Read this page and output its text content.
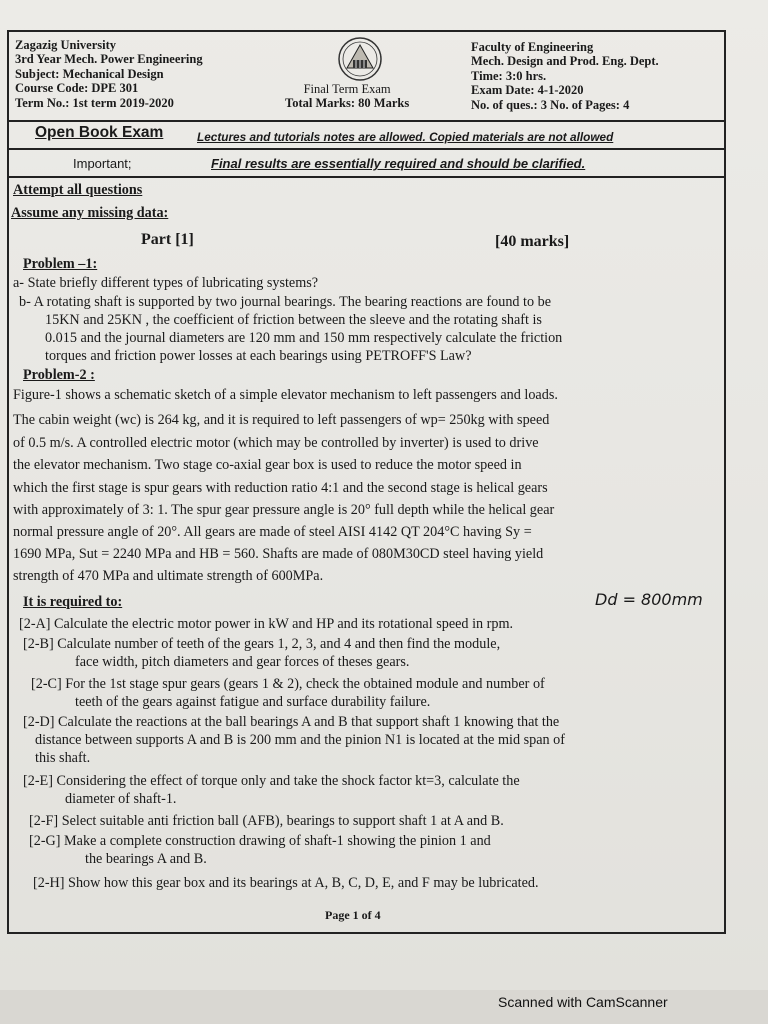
Zagazig University
3rd Year Mech. Power Engineering
Subject: Mechanical Design
Course Code: DPE 301
Term No.: 1st term 2019-2020
Final Term Exam
Total Marks: 80 Marks
Faculty of Engineering
Mech. Design and Prod. Eng. Dept.
Time: 3:0 hrs.
Exam Date: 4-1-2020
No. of ques.: 3 No. of Pages: 4
Open Book Exam	Lectures and tutorials notes are allowed. Copied materials are not allowed
Important;	Final results are essentially required and should be clarified.
Attempt all questions
Assume any missing data:
Part [1]	[40 marks]
Problem –1:
a- State briefly different types of lubricating systems?
b- A rotating shaft is supported by two journal bearings. The bearing reactions are found to be
15KN and 25KN , the coefficient of friction between the sleeve and the rotating shaft is
0.015 and the journal diameters are 120 mm and 150 mm respectively calculate the friction
torques and friction power losses at each bearings using PETROFF'S Law?
Problem-2 :
Figure-1 shows a schematic sketch of a simple elevator mechanism to left passengers and loads.
The cabin weight (wc) is 264 kg, and it is required to left passengers of wp= 250kg with speed
of 0.5 m/s. A controlled electric motor (which may be controlled by inverter) is used to drive
the elevator mechanism. Two stage co-axial gear box is used to reduce the motor speed in
which the first stage is spur gears with reduction ratio 4:1 and the second stage is helical gears
with approximately of 3: 1. The spur gear pressure angle is 20° full depth while the helical gear
normal pressure angle of 20°. All gears are made of steel AISI 4142 QT 204°C having Sy =
1690 MPa, Sut = 2240 MPa and HB = 560. Shafts are made of 080M30CD steel having yield
strength of 470 MPa and ultimate strength of 600MPa.
It is required to:	Dd = 800mm
[2-A] Calculate the electric motor power in kW and HP and its rotational speed in rpm.
[2-B] Calculate number of teeth of the gears 1, 2, 3, and 4 and then find the module,
face width, pitch diameters and gear forces of theses gears.
[2-C] For the 1st stage spur gears (gears 1 & 2), check the obtained module and number of
teeth of the gears against fatigue and surface durability failure.
[2-D] Calculate the reactions at the ball bearings A and B that support shaft 1 knowing that the
distance between supports A and B is 200 mm and the pinion N1 is located at the mid span of
this shaft.
[2-E] Considering the effect of torque only and take the shock factor kt=3, calculate the
diameter of shaft-1.
[2-F] Select suitable anti friction ball (AFB), bearings to support shaft 1 at A and B.
[2-G] Make a complete construction drawing of shaft-1 showing the pinion 1 and
the bearings A and B.
[2-H] Show how this gear box and its bearings at A, B, C, D, E, and F may be lubricated.
Page 1 of 4
Scanned with CamScanner
